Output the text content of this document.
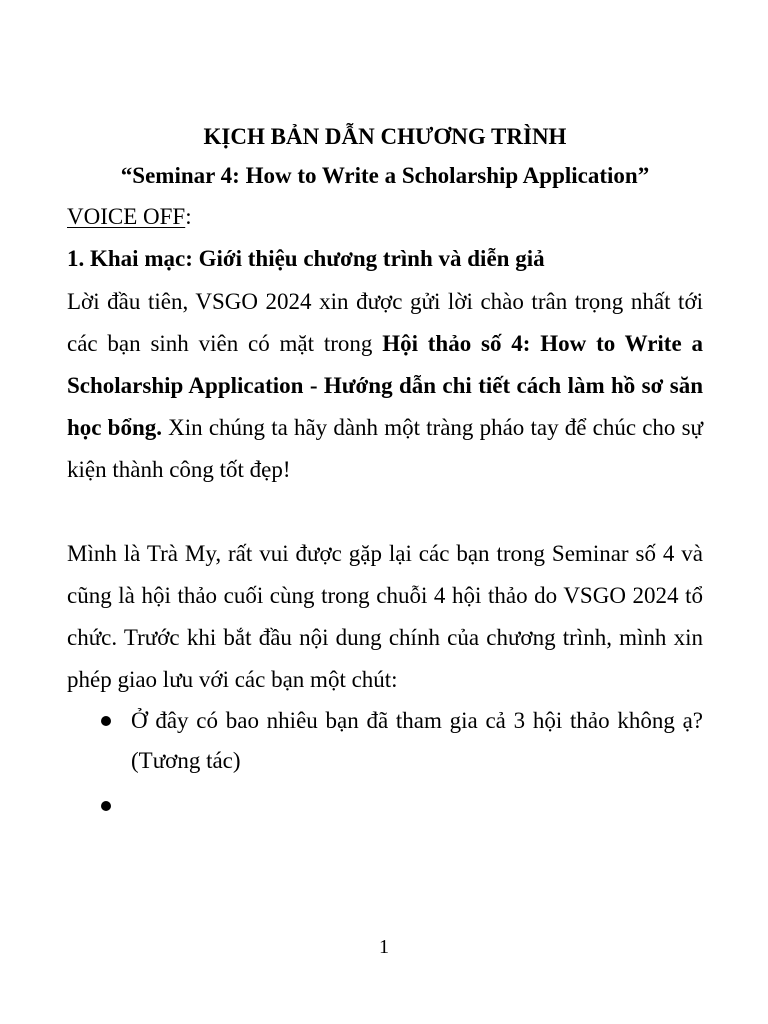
KỊCH BẢN DẪN CHƯƠNG TRÌNH

“Seminar 4: How to Write a Scholarship Application”

VOICE OFF:

1. Khai mạc: Giới thiệu chương trình và diễn giả

Lời đầu tiên, VSGO 2024 xin được gửi lời chào trân trọng nhất tới các bạn sinh viên có mặt trong Hội thảo số 4: How to Write a Scholarship Application - Hướng dẫn chi tiết cách làm hồ sơ săn học bổng. Xin chúng ta hãy dành một tràng pháo tay để chúc cho sự kiện thành công tốt đẹp!

Mình là Trà My, rất vui được gặp lại các bạn trong Seminar số 4 và cũng là hội thảo cuối cùng trong chuỗi 4 hội thảo do VSGO 2024 tổ chức. Trước khi bắt đầu nội dung chính của chương trình, mình xin phép giao lưu với các bạn một chút:

Ở đây có bao nhiêu bạn đã tham gia cả 3 hội thảo không ạ? (Tương tác)
1
